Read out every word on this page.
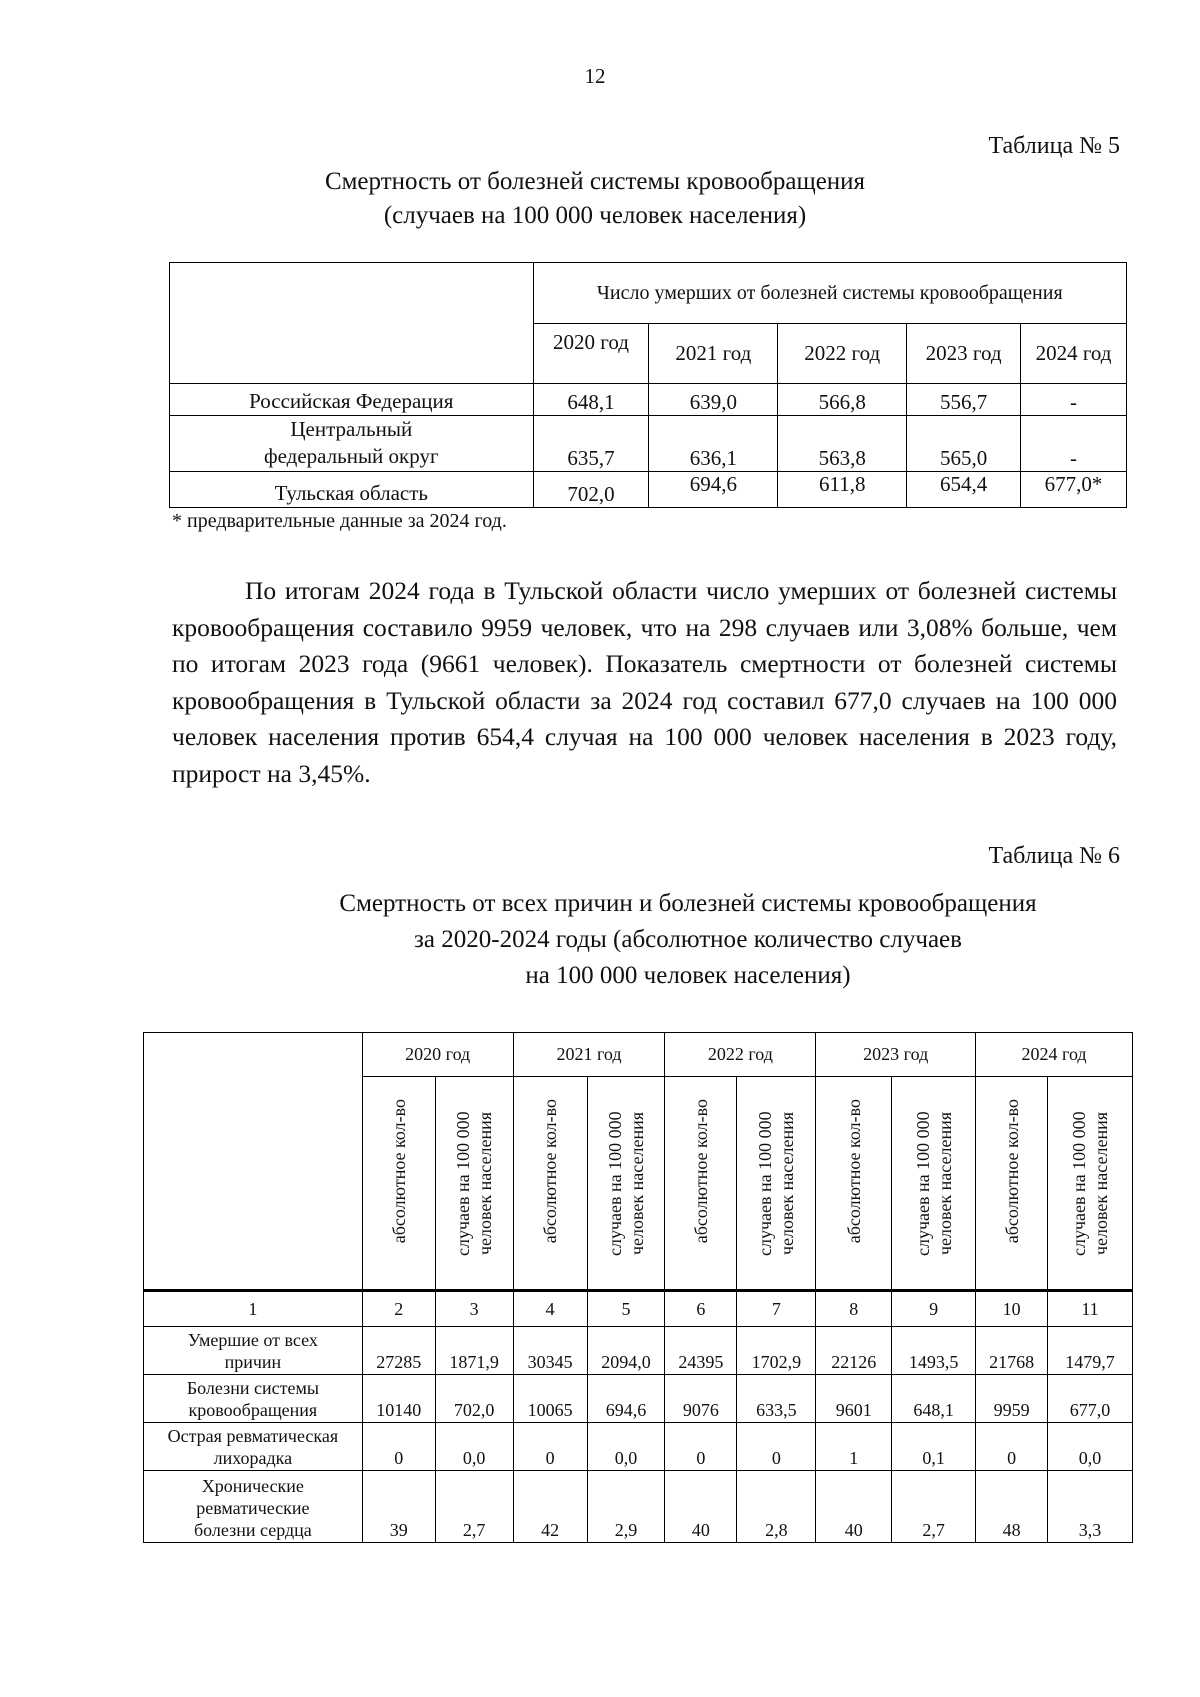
12
Таблица № 5
Смертность от болезней системы кровообращения
(случаев на 100 000 человек населения)
	Число умерших от болезней системы кровообращения				
	2020 год	2021 год	2022 год	2023 год	2024 год
Российская Федерация	648,1	639,0	566,8	556,7	-

Центральный
федеральный округ	635,7	636,1	563,8	565,0	-
Тульская область	702,0	694,6	611,8	654,4	677,0*
* предварительные данные за 2024 год.

По итогам 2024 года в Тульской области число умерших от болезней системы кровообращения составило 9959 человек, что на 298 случаев или 3,08% больше, чем по итогам 2023 года (9661 человек). Показатель смертности от болезней системы кровообращения в Тульской области за 2024 год составил 677,0 случаев на 100 000 человек населения против 654,4 случая на 100 000 человек населения в 2023 году, прирост на 3,45%.

Таблица № 6
Смертность от всех причин и болезней системы кровообращения
за 2020-2024 годы (абсолютное количество случаев
на 100 000 человек населения)
	2020 год		2021 год		2022 год		2023 год		2024 год	
	абсолютное кол-во	случаев на 100 000 человек населения	абсолютное кол-во	случаев на 100 000 человек населения	абсолютное кол-во	случаев на 100 000 человек населения	абсолютное кол-во	случаев на 100 000 человек населения	абсолютное кол-во	случаев на 100 000 человек населения
1	2	3	4	5	6	7	8	9	10	11

Умершие от всех
причин	27285	1871,9	30345	2094,0	24395	1702,9	22126	1493,5	21768	1479,7

Болезни системы
кровообращения	10140	702,0	10065	694,6	9076	633,5	9601	648,1	9959	677,0

Острая ревматическая
лихорадка	0	0,0	0	0,0	0	0	1	0,1	0	0,0

Хронические
ревматические
болезни сердца	39	2,7	42	2,9	40	2,8	40	2,7	48	3,3
